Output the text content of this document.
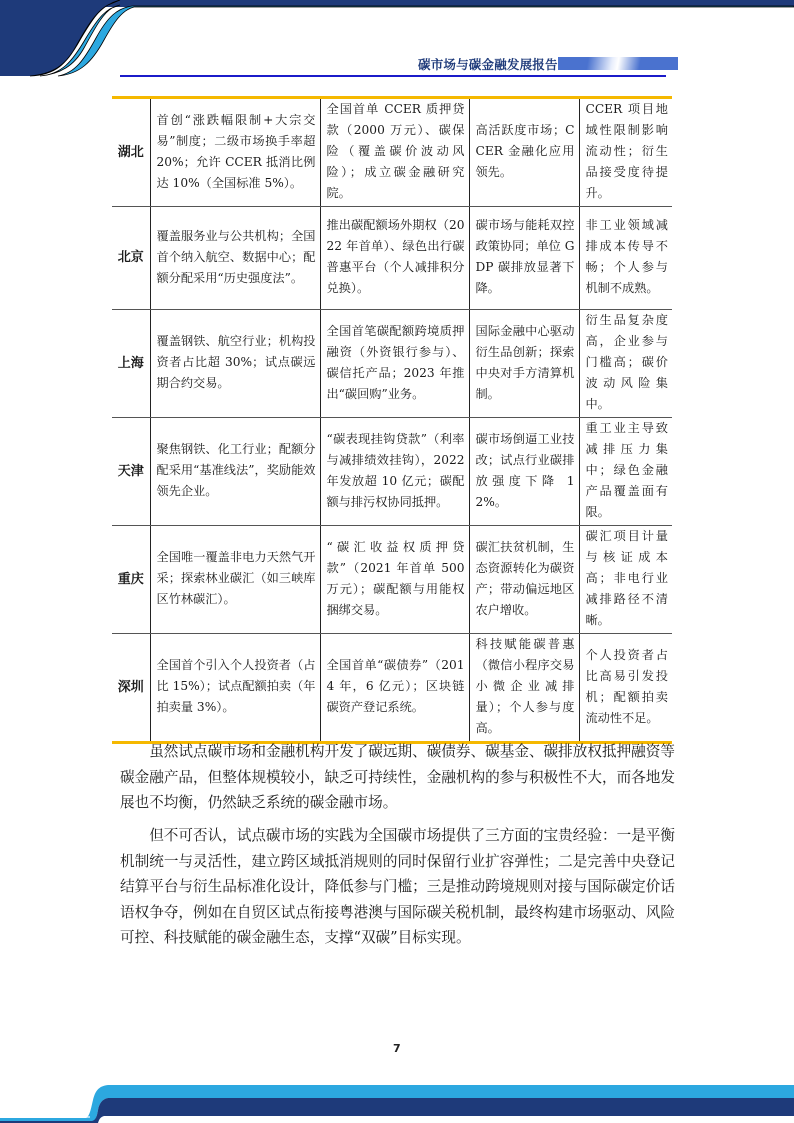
碳市场与碳金融发展报告
湖北	首创“涨跌幅限制+大宗交易”制度；二级市场换手率超 20%；允许 CCER 抵消比例达 10%（全国标准 5%）。	全国首单 CCER 质押贷款（2000 万元）、碳保险（覆盖碳价波动风险）；成立碳金融研究院。	高活跃度市场；CCER 金融化应用领先。	CCER 项目地域性限制影响流动性；衍生品接受度待提升。
北京	覆盖服务业与公共机构；全国首个纳入航空、数据中心；配额分配采用“历史强度法”。	推出碳配额场外期权（2022 年首单）、绿色出行碳普惠平台（个人减排积分兑换）。	碳市场与能耗双控政策协同；单位 GDP 碳排放显著下降。	非工业领域减排成本传导不畅；个人参与机制不成熟。
上海	覆盖钢铁、航空行业；机构投资者占比超 30%；试点碳远期合约交易。	全国首笔碳配额跨境质押融资（外资银行参与）、碳信托产品；2023 年推出“碳回购”业务。	国际金融中心驱动衍生品创新；探索中央对手方清算机制。	衍生品复杂度高，企业参与门槛高；碳价波动风险集中。
天津	聚焦钢铁、化工行业；配额分配采用“基准线法”，奖励能效领先企业。	“碳表现挂钩贷款”（利率与减排绩效挂钩），2022 年发放超 10 亿元；碳配额与排污权协同抵押。	碳市场倒逼工业技改；试点行业碳排放强度下降 12%。	重工业主导致减排压力集中；绿色金融产品覆盖面有限。
重庆	全国唯一覆盖非电力天然气开采；探索林业碳汇（如三峡库区竹林碳汇）。	“碳汇收益权质押贷款”（2021 年首单 500 万元）；碳配额与用能权捆绑交易。	碳汇扶贫机制，生态资源转化为碳资产；带动偏远地区农户增收。	碳汇项目计量与核证成本高；非电行业减排路径不清晰。
深圳	全国首个引入个人投资者（占比 15%）；试点配额拍卖（年拍卖量 3%）。	全国首单“碳债券”（2014 年，6 亿元）；区块链碳资产登记系统。	科技赋能碳普惠（微信小程序交易小微企业减排量）；个人参与度高。	个人投资者占比高易引发投机；配额拍卖流动性不足。

虽然试点碳市场和金融机构开发了碳远期、碳债券、碳基金、碳排放权抵押融资等碳金融产品，但整体规模较小，缺乏可持续性，金融机构的参与积极性不大，而各地发展也不均衡，仍然缺乏系统的碳金融市场。

但不可否认，试点碳市场的实践为全国碳市场提供了三方面的宝贵经验：一是平衡机制统一与灵活性，建立跨区域抵消规则的同时保留行业扩容弹性；二是完善中央登记结算平台与衍生品标准化设计，降低参与门槛；三是推动跨境规则对接与国际碳定价话语权争夺，例如在自贸区试点衔接粤港澳与国际碳关税机制，最终构建市场驱动、风险可控、科技赋能的碳金融生态，支撑“双碳”目标实现。

7
